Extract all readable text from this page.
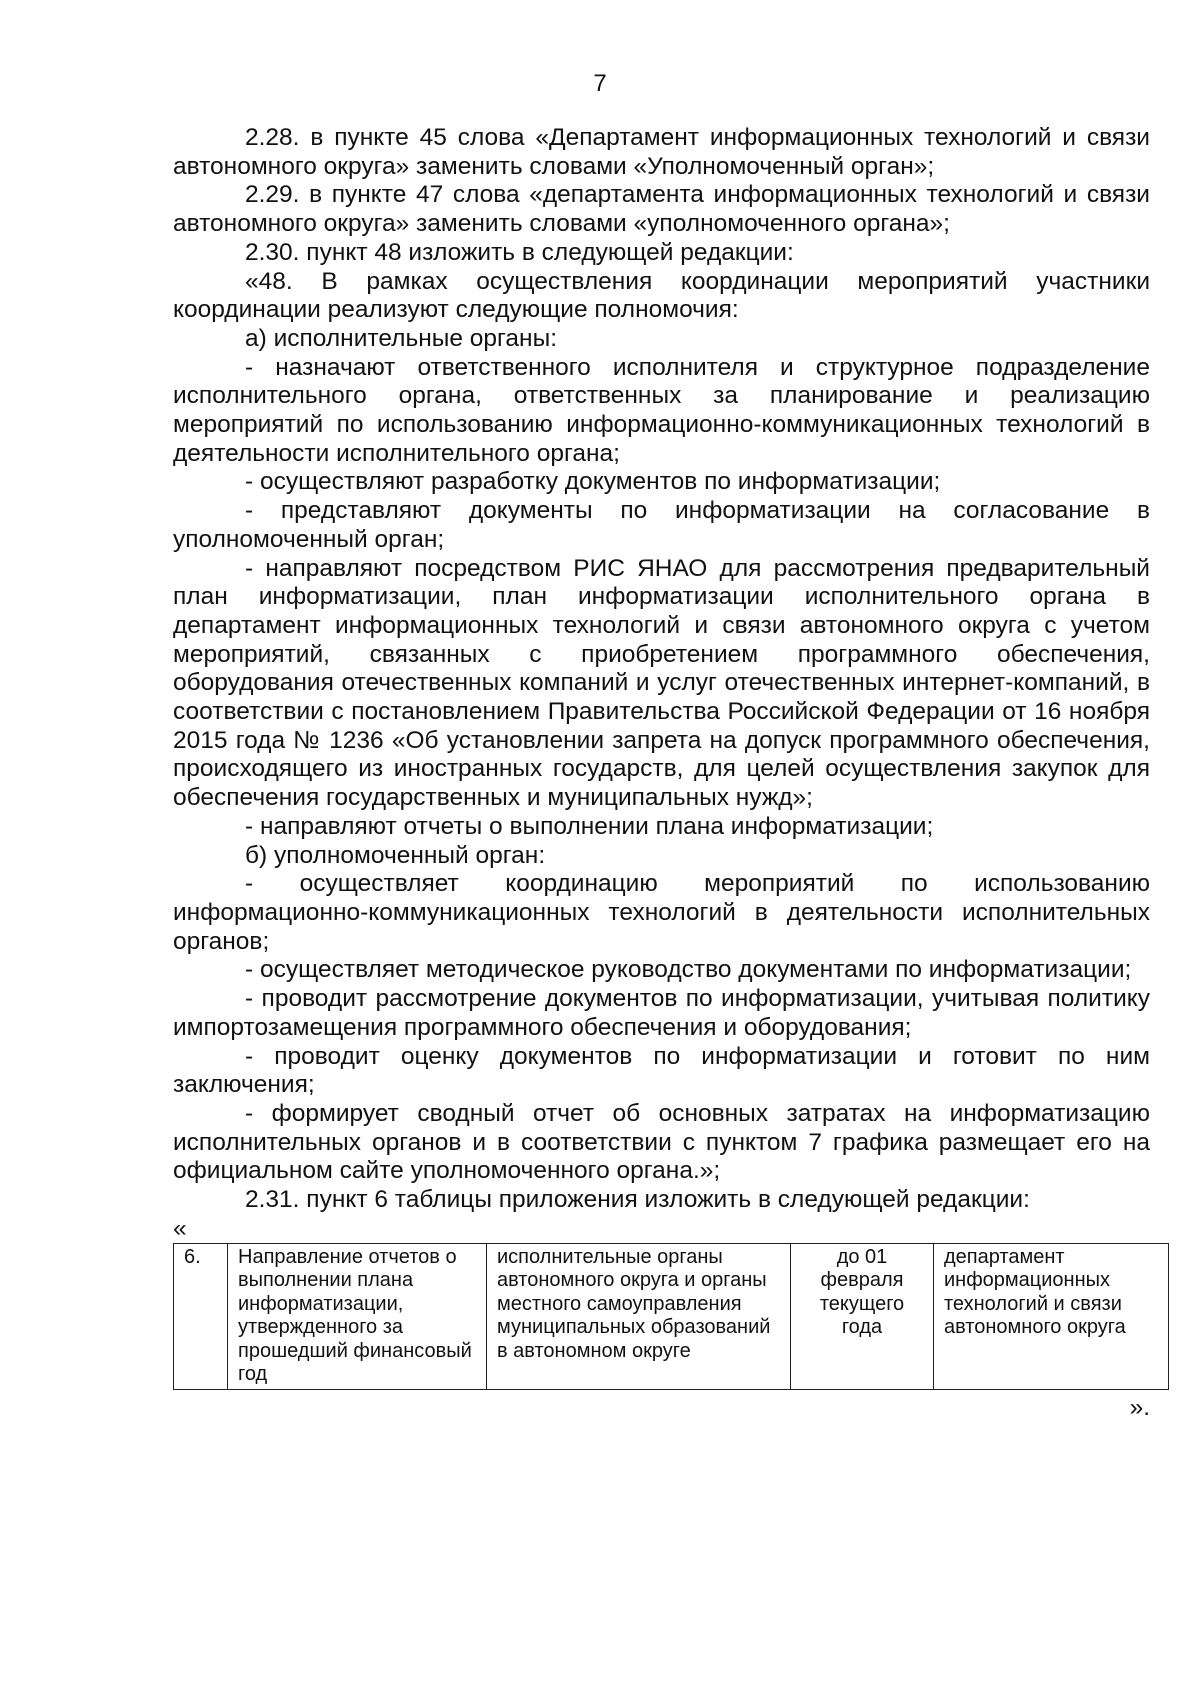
7

2.28. в пункте 45 слова «Департамент информационных технологий и связи автономного округа» заменить словами «Уполномоченный орган»;

2.29. в пункте 47 слова «департамента информационных технологий и связи автономного округа» заменить словами «уполномоченного органа»;

2.30. пункт 48 изложить в следующей редакции:

«48. В рамках осуществления координации мероприятий участники координации реализуют следующие полномочия:

а) исполнительные органы:

- назначают ответственного исполнителя и структурное подразделение исполнительного органа, ответственных за планирование и реализацию мероприятий по использованию информационно-коммуникационных технологий в деятельности исполнительного органа;

- осуществляют разработку документов по информатизации;

- представляют документы по информатизации на согласование в уполномоченный орган;

- направляют посредством РИС ЯНАО для рассмотрения предварительный план информатизации, план информатизации исполнительного органа в департамент информационных технологий и связи автономного округа с учетом мероприятий, связанных с приобретением программного обеспечения, оборудования отечественных компаний и услуг отечественных интернет-компаний, в соответствии с постановлением Правительства Российской Федерации от 16 ноября 2015 года № 1236 «Об установлении запрета на допуск программного обеспечения, происходящего из иностранных государств, для целей осуществления закупок для обеспечения государственных и муниципальных нужд»;

- направляют отчеты о выполнении плана информатизации;

б) уполномоченный орган:

- осуществляет координацию мероприятий по использованию информационно-коммуникационных технологий в деятельности исполнительных органов;

- осуществляет методическое руководство документами по информатизации;

- проводит рассмотрение документов по информатизации, учитывая политику импортозамещения программного обеспечения и оборудования;

- проводит оценку документов по информатизации и готовит по ним заключения;

- формирует сводный отчет об основных затратах на информатизацию исполнительных органов и в соответствии с пунктом 7 графика размещает его на официальном сайте уполномоченного органа.»;

2.31. пункт 6 таблицы приложения изложить в следующей редакции:

«

6.	Направление отчетов о выполнении плана информатизации, утвержденного за прошедший финансовый год	исполнительные органы автономного округа и органы местного самоуправления муниципальных образований в автономном округе	до 01 февраля текущего года	департамент информационных технологий и связи автономного округа
».
